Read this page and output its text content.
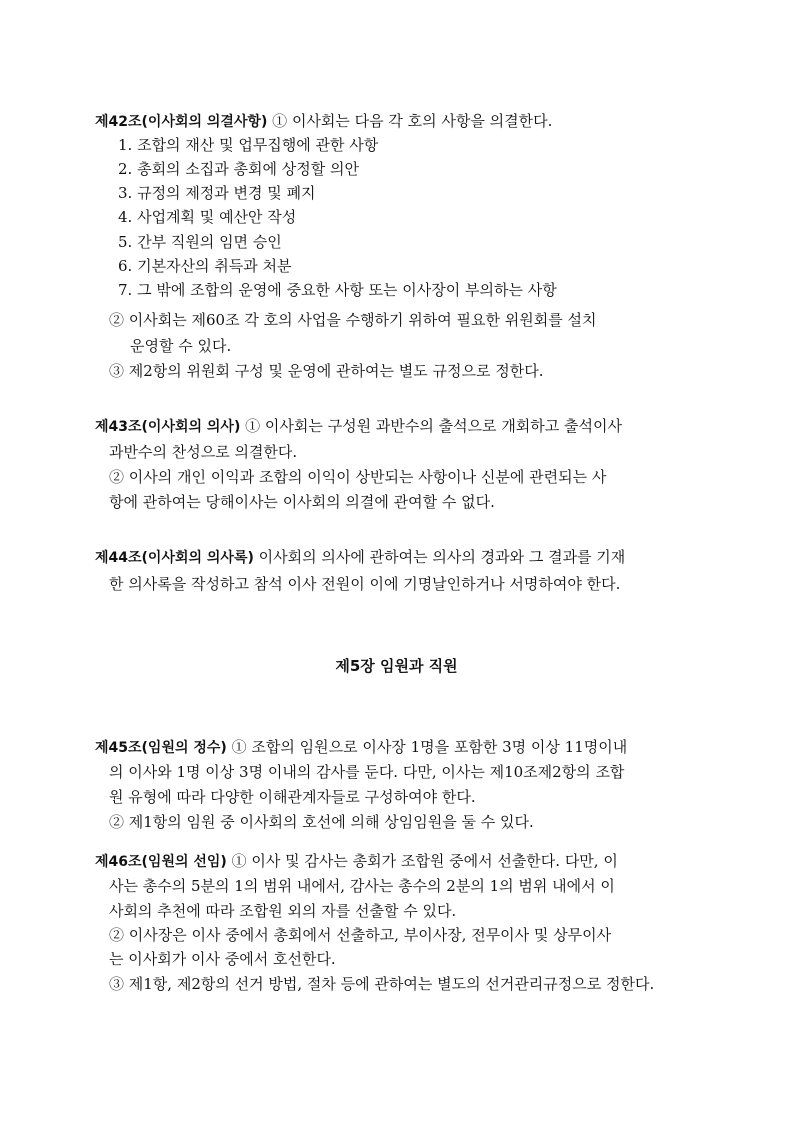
제42조(이사회의 의결사항) ① 이사회는 다음 각 호의 사항을 의결한다.
1. 조합의 재산 및 업무집행에 관한 사항
2. 총회의 소집과 총회에 상정할 의안
3. 규정의 제정과 변경 및 폐지
4. 사업계획 및 예산안 작성
5. 간부 직원의 임면 승인
6. 기본자산의 취득과 처분
7. 그 밖에 조합의 운영에 중요한 사항 또는 이사장이 부의하는 사항
② 이사회는 제60조 각 호의 사업을 수행하기 위하여 필요한 위원회를 설치
운영할 수 있다.
③ 제2항의 위원회 구성 및 운영에 관하여는 별도 규정으로 정한다.
제43조(이사회의 의사) ① 이사회는 구성원 과반수의 출석으로 개회하고 출석이사
과반수의 찬성으로 의결한다.
② 이사의 개인 이익과 조합의 이익이 상반되는 사항이나 신분에 관련되는 사
항에 관하여는 당해이사는 이사회의 의결에 관여할 수 없다.
제44조(이사회의 의사록) 이사회의 의사에 관하여는 의사의 경과와 그 결과를 기재
한 의사록을 작성하고 참석 이사 전원이 이에 기명날인하거나 서명하여야 한다.
제5장 임원과 직원
제45조(임원의 정수) ① 조합의 임원으로 이사장 1명을 포함한 3명 이상 11명이내
의 이사와 1명 이상 3명 이내의 감사를 둔다. 다만, 이사는 제10조제2항의 조합
원 유형에 따라 다양한 이해관계자들로 구성하여야 한다.
② 제1항의 임원 중 이사회의 호선에 의해 상임임원을 둘 수 있다.
제46조(임원의 선임) ① 이사 및 감사는 총회가 조합원 중에서 선출한다. 다만, 이
사는 총수의 5분의 1의 범위 내에서, 감사는 총수의 2분의 1의 범위 내에서 이
사회의 추천에 따라 조합원 외의 자를 선출할 수 있다.
② 이사장은 이사 중에서 총회에서 선출하고, 부이사장, 전무이사 및 상무이사
는 이사회가 이사 중에서 호선한다.
③ 제1항, 제2항의 선거 방법, 절차 등에 관하여는 별도의 선거관리규정으로 정한다.
